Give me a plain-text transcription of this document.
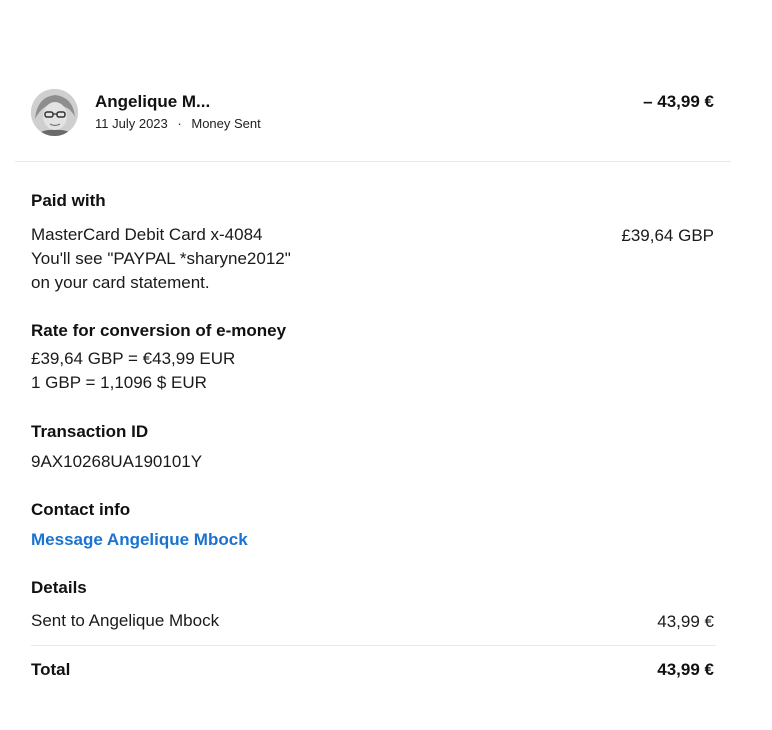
Angelique M...
11 July 2023 · Money Sent
– 43,99 €
Paid with
MasterCard Debit Card x-4084
You'll see "PAYPAL *sharyne2012"
on your card statement.
£39,64 GBP
Rate for conversion of e-money
£39,64 GBP = €43,99 EUR
1 GBP = 1,1096 $ EUR
Transaction ID
9AX10268UA190101Y
Contact info
Message Angelique Mbock
Details
Sent to Angelique Mbock	43,99 €
Total	43,99 €
